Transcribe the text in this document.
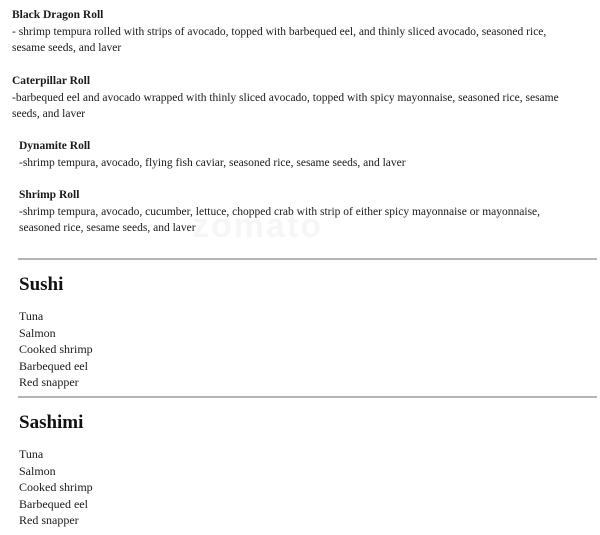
Black Dragon Roll
- shrimp tempura rolled with strips of avocado, topped with barbequed eel, and thinly sliced avocado, seasoned rice,
sesame seeds, and laver
Caterpillar Roll
-barbequed eel and avocado wrapped with thinly sliced avocado, topped with spicy mayonnaise, seasoned rice, sesame
seeds, and laver
Dynamite Roll
-shrimp tempura, avocado, flying fish caviar, seasoned rice, sesame seeds, and laver
Shrimp Roll
-shrimp tempura, avocado, cucumber, lettuce, chopped crab with strip of either spicy mayonnaise or mayonnaise,
seasoned rice, sesame seeds, and laver
Sushi
Tuna
Salmon
Cooked shrimp
Barbequed eel
Red snapper
Sashimi
Tuna
Salmon
Cooked shrimp
Barbequed eel
Red snapper
